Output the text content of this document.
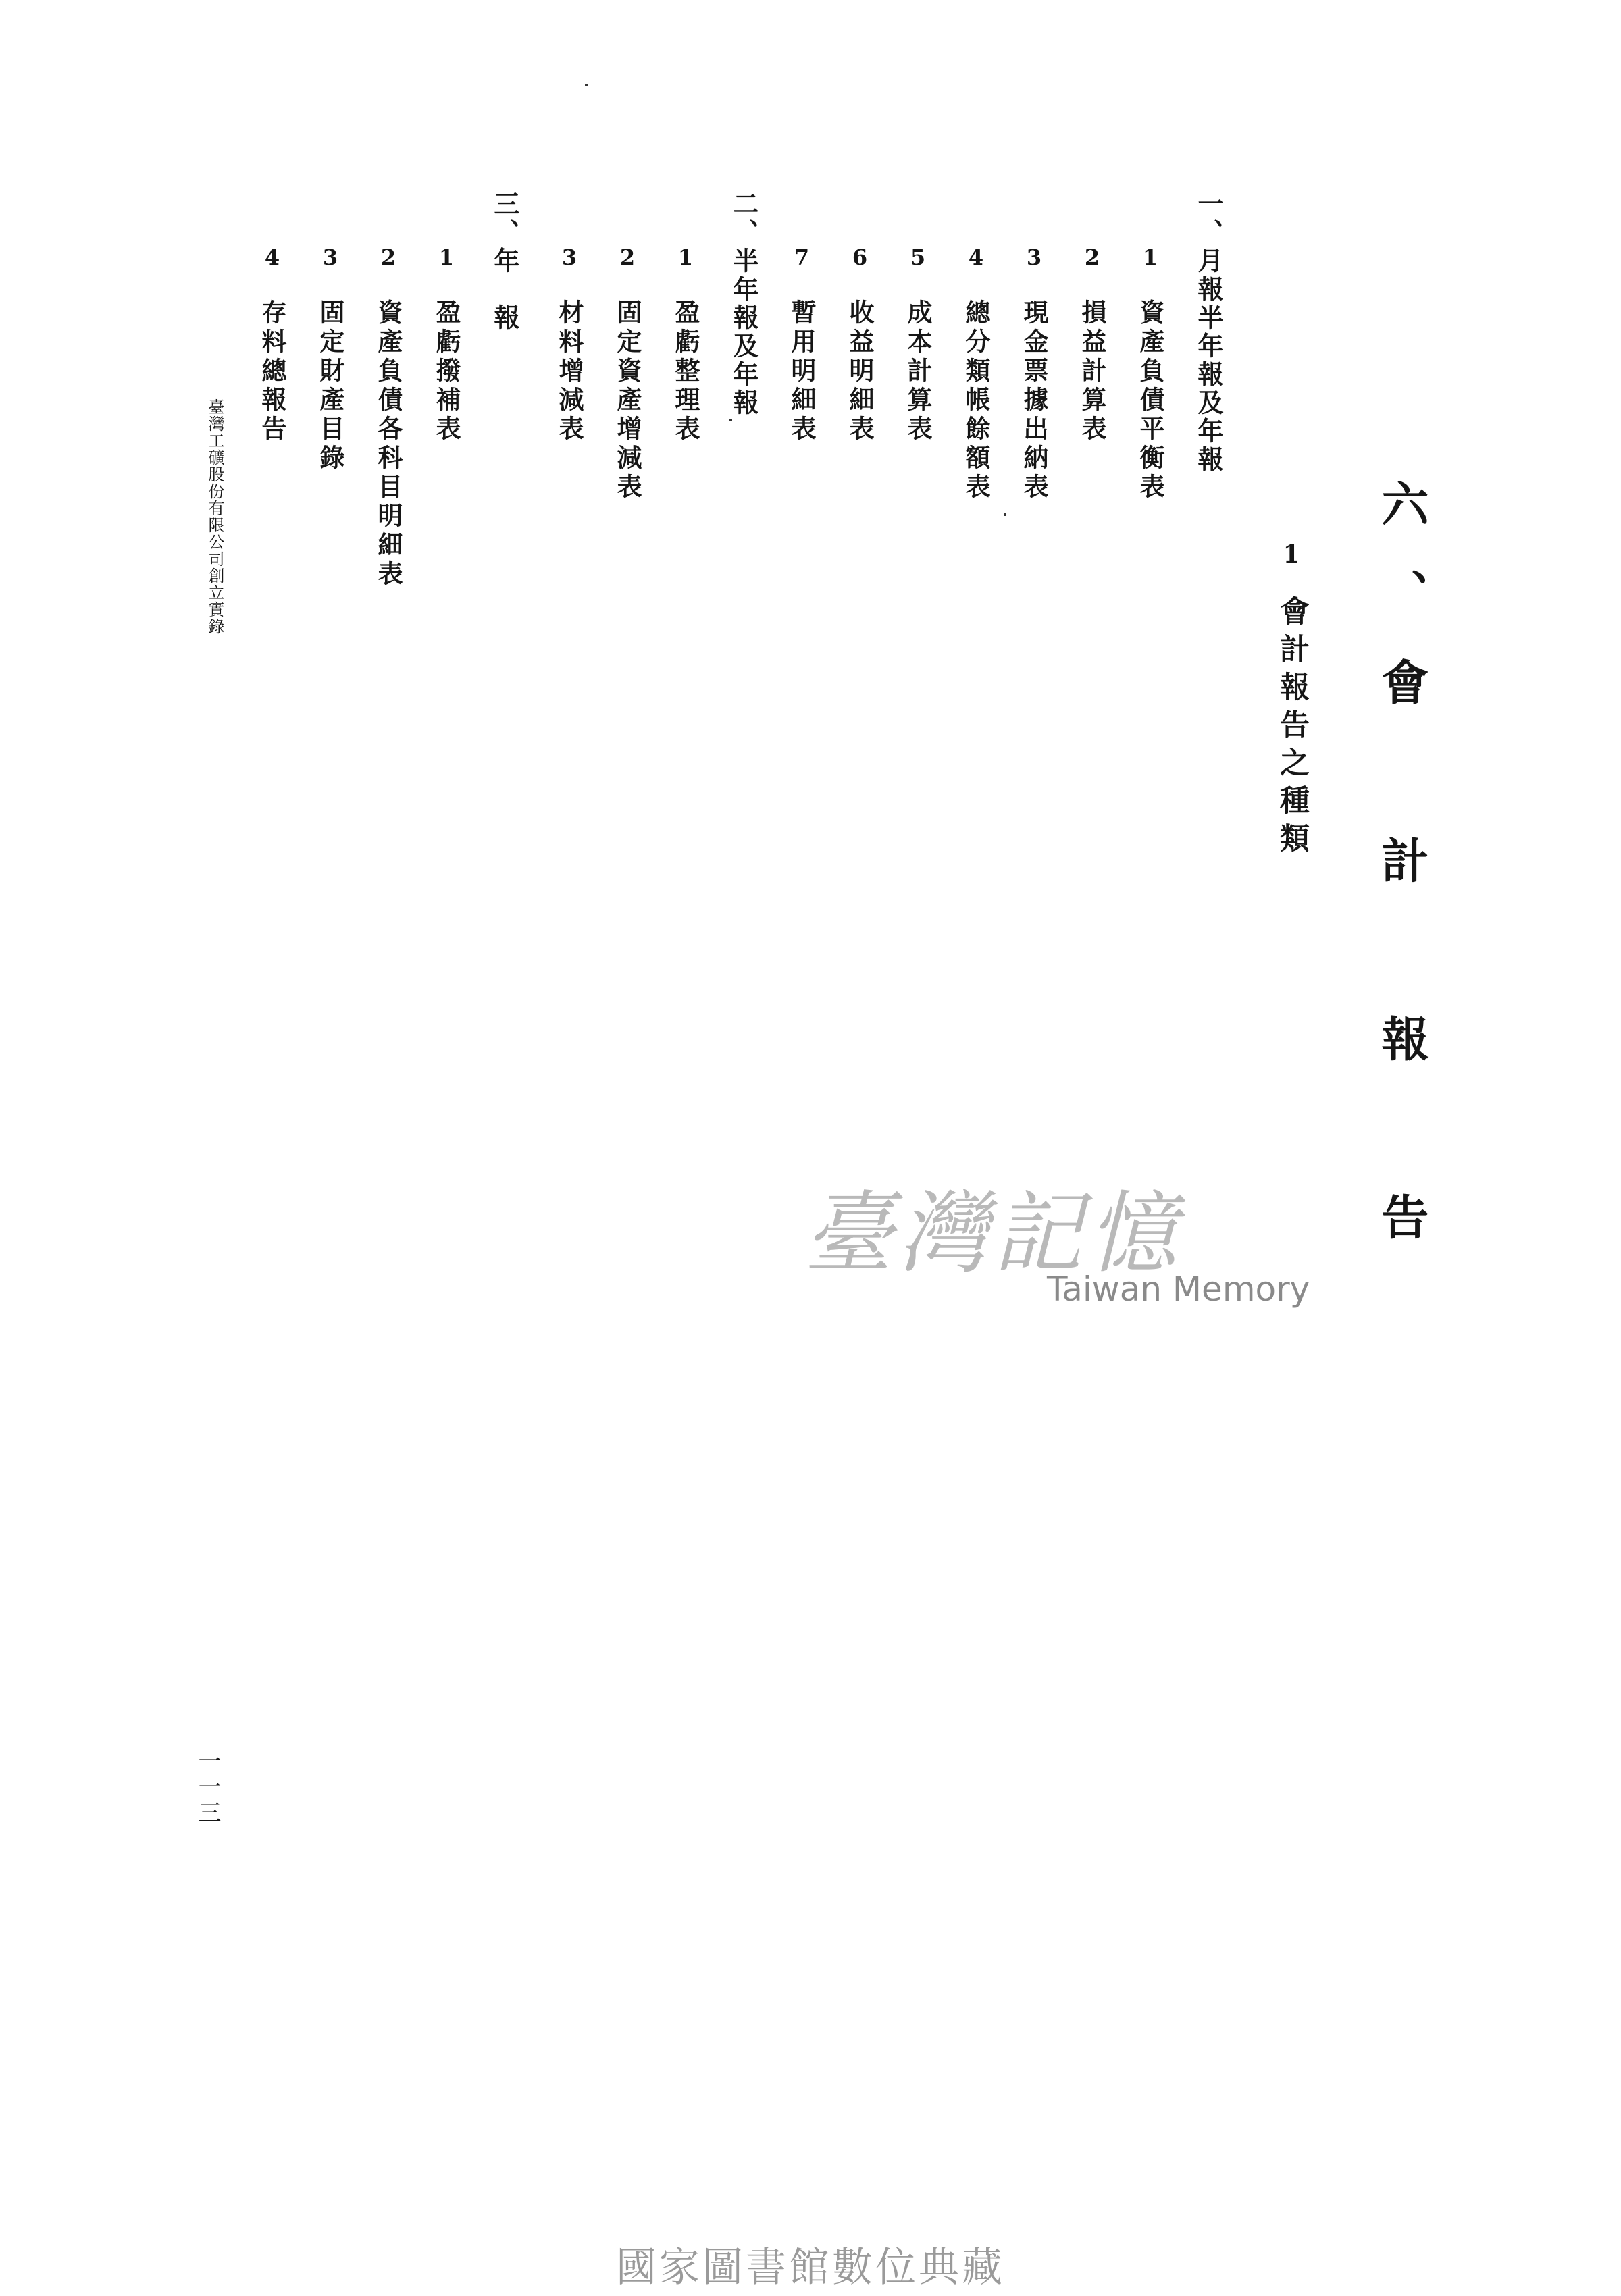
六、會　計　報　告
1會計報告之種類
一、月報半年報及年報
1　資產負債平衡表
2　損益計算表
3　現金票據出納表
4　總分類帳餘額表
5　成本計算表
6　收益明細表
7　暫用明細表
二、半年報及年報
1　盈虧整理表
2　固定資產增減表
3　材料增減表
三、年　報
1　盈虧撥補表
2　資產負債各科目明細表
3　固定財產目錄
4　存料總報告
臺灣工礦股份有限公司創立實錄
一一三
臺灣記憶
Taiwan Memory
國家圖書館數位典藏
